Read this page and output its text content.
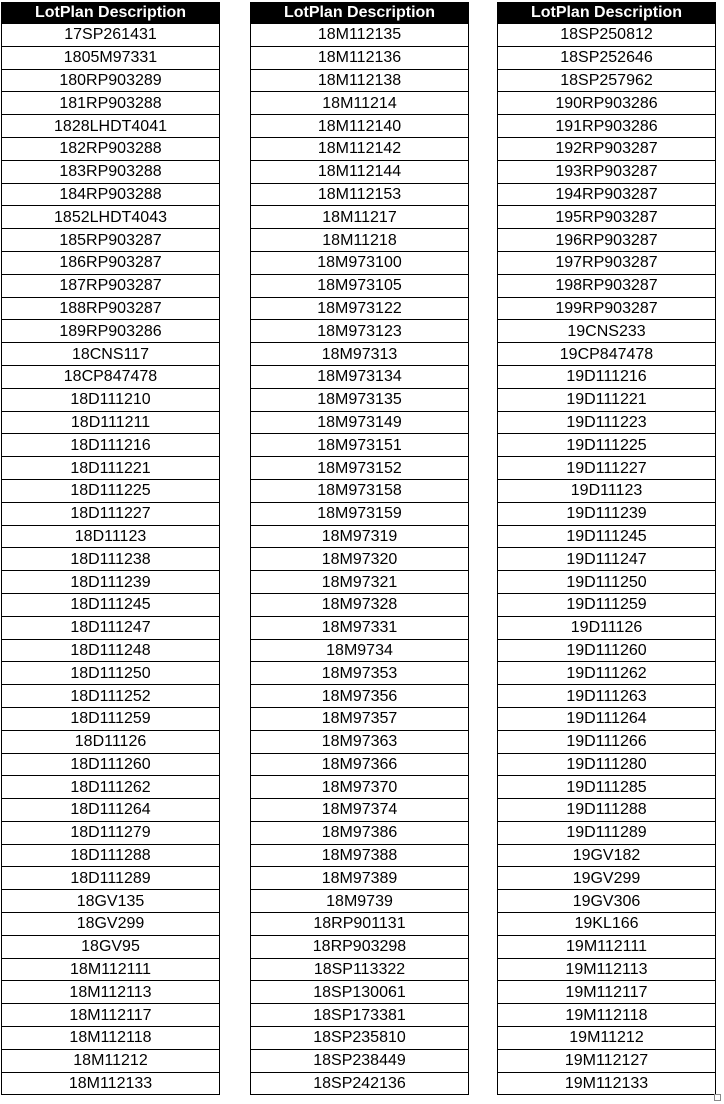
LotPlan Description
17SP261431
1805M97331
180RP903289
181RP903288
1828LHDT4041
182RP903288
183RP903288
184RP903288
1852LHDT4043
185RP903287
186RP903287
187RP903287
188RP903287
189RP903286
18CNS117
18CP847478
18D111210
18D111211
18D111216
18D111221
18D111225
18D111227
18D11123
18D111238
18D111239
18D111245
18D111247
18D111248
18D111250
18D111252
18D111259
18D11126
18D111260
18D111262
18D111264
18D111279
18D111288
18D111289
18GV135
18GV299
18GV95
18M112111
18M112113
18M112117
18M112118
18M11212
18M112133
LotPlan Description
18M112135
18M112136
18M112138
18M11214
18M112140
18M112142
18M112144
18M112153
18M11217
18M11218
18M973100
18M973105
18M973122
18M973123
18M97313
18M973134
18M973135
18M973149
18M973151
18M973152
18M973158
18M973159
18M97319
18M97320
18M97321
18M97328
18M97331
18M9734
18M97353
18M97356
18M97357
18M97363
18M97366
18M97370
18M97374
18M97386
18M97388
18M97389
18M9739
18RP901131
18RP903298
18SP113322
18SP130061
18SP173381
18SP235810
18SP238449
18SP242136
LotPlan Description
18SP250812
18SP252646
18SP257962
190RP903286
191RP903286
192RP903287
193RP903287
194RP903287
195RP903287
196RP903287
197RP903287
198RP903287
199RP903287
19CNS233
19CP847478
19D111216
19D111221
19D111223
19D111225
19D111227
19D11123
19D111239
19D111245
19D111247
19D111250
19D111259
19D11126
19D111260
19D111262
19D111263
19D111264
19D111266
19D111280
19D111285
19D111288
19D111289
19GV182
19GV299
19GV306
19KL166
19M112111
19M112113
19M112117
19M112118
19M11212
19M112127
19M112133
